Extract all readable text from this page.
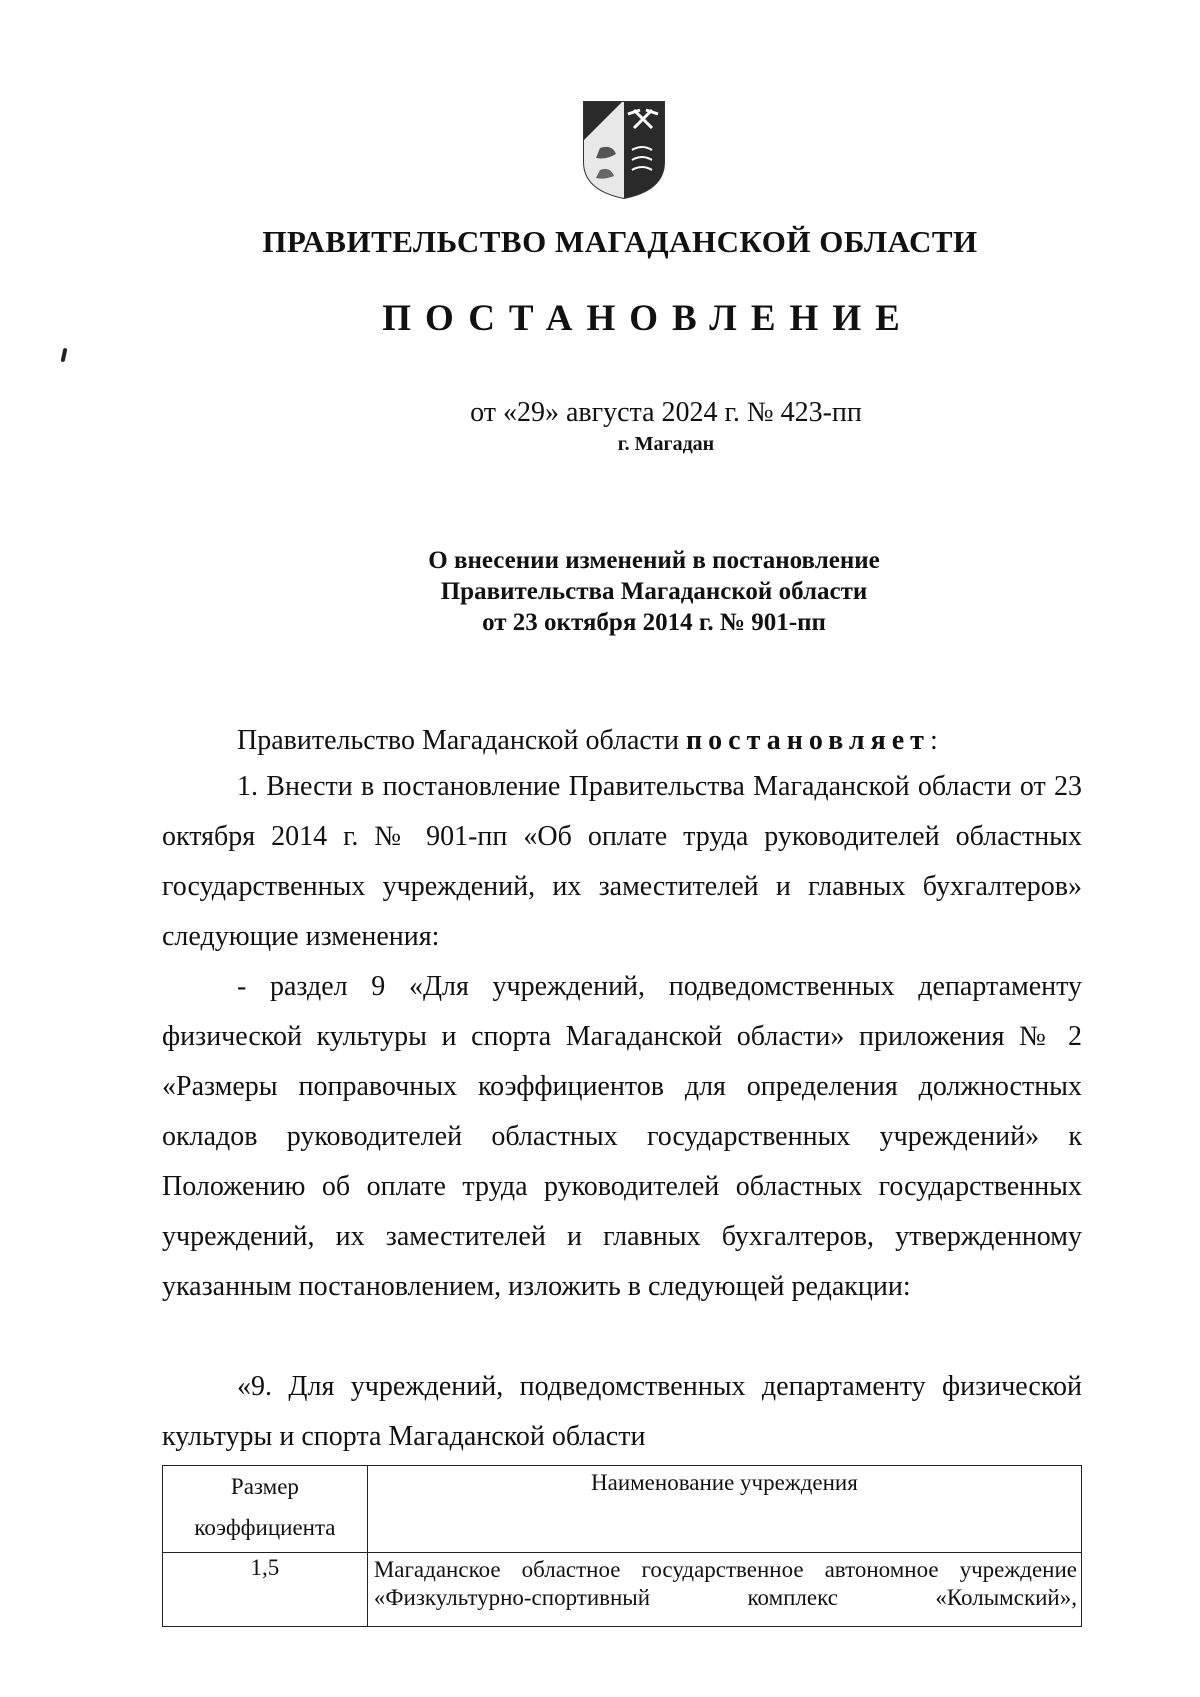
ПРАВИТЕЛЬСТВО МАГАДАНСКОЙ ОБЛАСТИ
ПОСТАНОВЛЕНИЕ
от «29» августа 2024 г. № 423-пп
г. Магадан
О внесении изменений в постановление
Правительства Магаданской области
от 23 октября 2014 г. № 901-пп

Правительство Магаданской области постановляет:

1. Внести в постановление Правительства Магаданской области от 23 октября 2014 г. № 901-пп «Об оплате труда руководителей областных государственных учреждений, их заместителей и главных бухгалтеров» следующие изменения:

- раздел 9 «Для учреждений, подведомственных департаменту физической культуры и спорта Магаданской области» приложения № 2 «Размеры поправочных коэффициентов для определения должностных окладов руководителей областных государственных учреждений» к Положению об оплате труда руководителей областных государственных учреждений, их заместителей и главных бухгалтеров, утвержденному указанным постановлением, изложить в следующей редакции:

«9. Для учреждений, подведомственных департаменту физической культуры и спорта Магаданской области

Размер
коэффициента	Наименование учреждения
1,5	Магаданское областное государственное автономное учреждение
«Физкультурно-спортивный комплекс «Колымский»,
